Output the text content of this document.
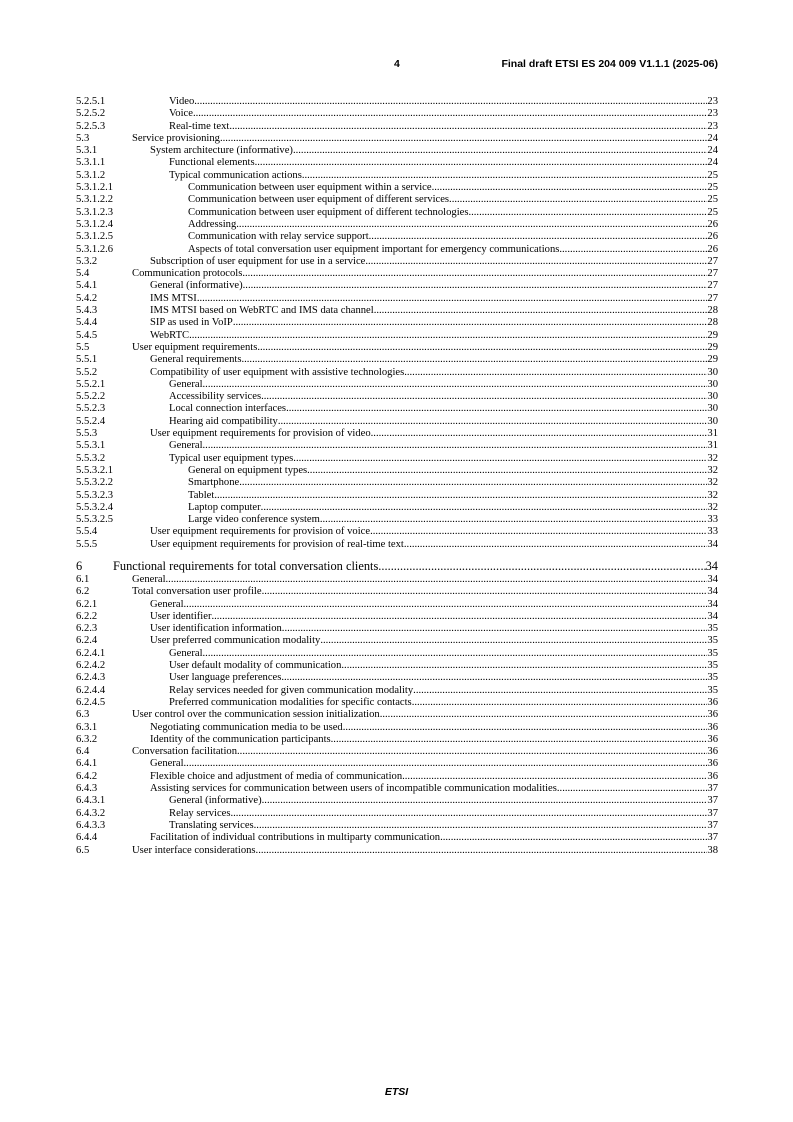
4	Final draft ETSI ES 204 009 V1.1.1 (2025-06)
5.2.5.1	Video .....	23
5.2.5.2	Voice .....	23
5.2.5.3	Real-time text .....	23
5.3	Service provisioning .....	24
5.3.1	System architecture (informative) .....	24
5.3.1.1	Functional elements .....	24
5.3.1.2	Typical communication actions .....	25
5.3.1.2.1	Communication between user equipment within a service .....	25
5.3.1.2.2	Communication between user equipment of different services .....	25
5.3.1.2.3	Communication between user equipment of different technologies .....	25
5.3.1.2.4	Addressing .....	26
5.3.1.2.5	Communication with relay service support .....	26
5.3.1.2.6	Aspects of total conversation user equipment important for emergency communications .....	26
5.3.2	Subscription of user equipment for use in a service .....	27
5.4	Communication protocols .....	27
5.4.1	General (informative) .....	27
5.4.2	IMS MTSI .....	27
5.4.3	IMS MTSI based on WebRTC and IMS data channel .....	28
5.4.4	SIP as used in VoIP .....	28
5.4.5	WebRTC .....	29
5.5	User equipment requirements .....	29
5.5.1	General requirements .....	29
5.5.2	Compatibility of user equipment with assistive technologies .....	30
5.5.2.1	General .....	30
5.5.2.2	Accessibility services .....	30
5.5.2.3	Local connection interfaces .....	30
5.5.2.4	Hearing aid compatibility .....	30
5.5.3	User equipment requirements for provision of video .....	31
5.5.3.1	General .....	31
5.5.3.2	Typical user equipment types .....	32
5.5.3.2.1	General on equipment types .....	32
5.5.3.2.2	Smartphone .....	32
5.5.3.2.3	Tablet .....	32
5.5.3.2.4	Laptop computer .....	32
5.5.3.2.5	Large video conference system .....	33
5.5.4	User equipment requirements for provision of voice .....	33
5.5.5	User equipment requirements for provision of real-time text .....	34
6 Functional requirements for total conversation clients .....	34
6.1	General .....	34
6.2	Total conversation user profile .....	34
6.2.1	General .....	34
6.2.2	User identifier .....	34
6.2.3	User identification information .....	35
6.2.4	User preferred communication modality .....	35
6.2.4.1	General .....	35
6.2.4.2	User default modality of communication .....	35
6.2.4.3	User language preferences .....	35
6.2.4.4	Relay services needed for given communication modality .....	35
6.2.4.5	Preferred communication modalities for specific contacts .....	36
6.3	User control over the communication session initialization .....	36
6.3.1	Negotiating communication media to be used .....	36
6.3.2	Identity of the communication participants .....	36
6.4	Conversation facilitation .....	36
6.4.1	General .....	36
6.4.2	Flexible choice and adjustment of media of communication .....	36
6.4.3	Assisting services for communication between users of incompatible communication modalities .....	37
6.4.3.1	General (informative) .....	37
6.4.3.2	Relay services .....	37
6.4.3.3	Translating services .....	37
6.4.4	Facilitation of individual contributions in multiparty communication .....	37
6.5	User interface considerations .....	38
ETSI
